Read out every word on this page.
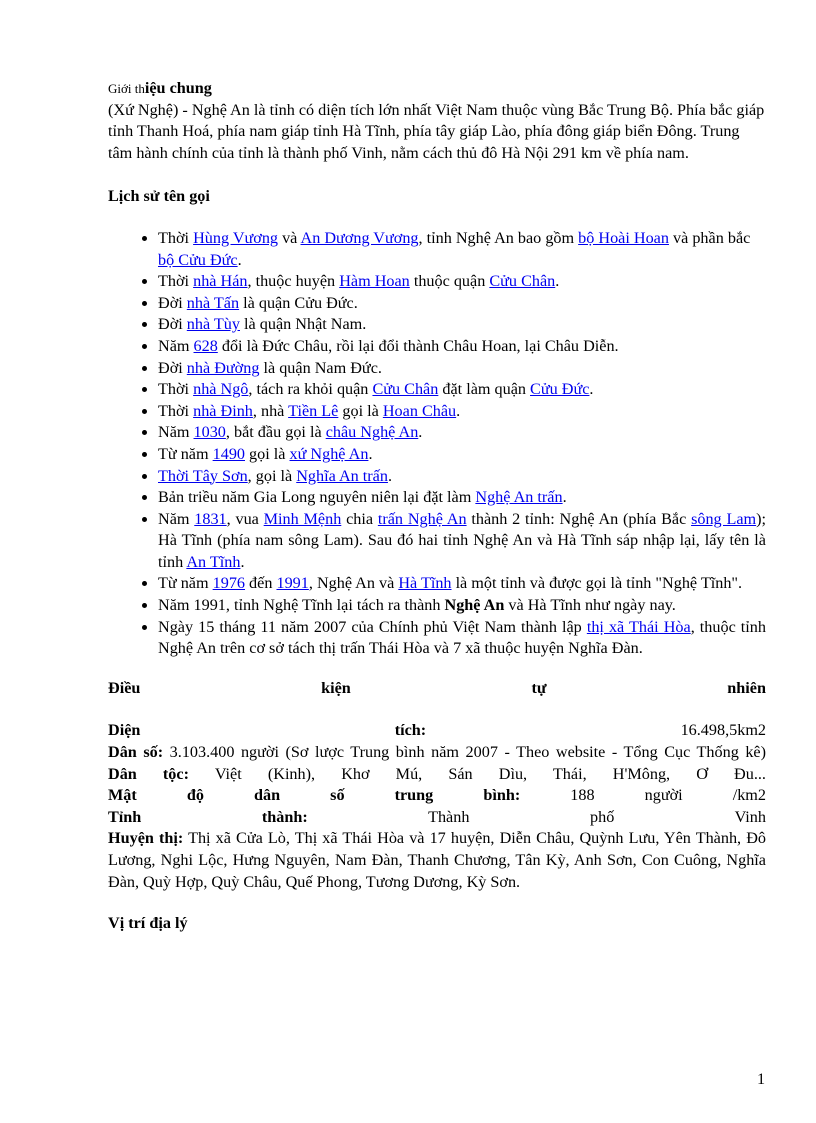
Giới thiệu chung

(Xứ Nghệ) - Nghệ An là tỉnh có diện tích lớn nhất Việt Nam thuộc vùng Bắc Trung Bộ. Phía bắc giáp tỉnh Thanh Hoá, phía nam giáp tỉnh Hà Tĩnh, phía tây giáp Lào, phía đông giáp biển Đông. Trung tâm hành chính của tỉnh là thành phố Vinh, nằm cách thủ đô Hà Nội 291 km về phía nam.

Lịch sử tên gọi
• Thời Hùng Vương và An Dương Vương, tỉnh Nghệ An bao gồm bộ Hoài Hoan và phần bắc bộ Cửu Đức.
• Thời nhà Hán, thuộc huyện Hàm Hoan thuộc quận Cửu Chân.
• Đời nhà Tấn là quận Cửu Đức.
• Đời nhà Tùy là quận Nhật Nam.
• Năm 628 đổi là Đức Châu, rồi lại đổi thành Châu Hoan, lại Châu Diễn.
• Đời nhà Đường là quận Nam Đức.
• Thời nhà Ngô, tách ra khỏi quận Cửu Chân đặt làm quận Cửu Đức.
• Thời nhà Đinh, nhà Tiền Lê gọi là Hoan Châu.
• Năm 1030, bắt đầu gọi là châu Nghệ An.
• Từ năm 1490 gọi là xứ Nghệ An.
• Thời Tây Sơn, gọi là Nghĩa An trấn.
• Bản triều năm Gia Long nguyên niên lại đặt làm Nghệ An trấn.
• Năm 1831, vua Minh Mệnh chia trấn Nghệ An thành 2 tỉnh: Nghệ An (phía Bắc sông Lam); Hà Tĩnh (phía nam sông Lam). Sau đó hai tỉnh Nghệ An và Hà Tĩnh sáp nhập lại, lấy tên là tỉnh An Tĩnh.
• Từ năm 1976 đến 1991, Nghệ An và Hà Tĩnh là một tỉnh và được gọi là tỉnh "Nghệ Tĩnh".
• Năm 1991, tỉnh Nghệ Tĩnh lại tách ra thành Nghệ An và Hà Tĩnh như ngày nay.
• Ngày 15 tháng 11 năm 2007 của Chính phủ Việt Nam thành lập thị xã Thái Hòa, thuộc tỉnh Nghệ An trên cơ sở tách thị trấn Thái Hòa và 7 xã thuộc huyện Nghĩa Đàn.
Điều	kiện	tự	nhiên
Diện	tích:	16.498,5km2

Dân số: 3.103.400 người (Sơ lược Trung bình năm 2007 - Theo website - Tổng Cục Thống kê)

Dân tộc: Việt (Kinh), Khơ Mú, Sán Dìu, Thái, H'Mông, Ơ Đu...

Mật độ dân số trung bình:	188 người /km2

Tỉnh thành:	Thành phố Vinh

Huyện thị: Thị xã Cửa Lò, Thị xã Thái Hòa và 17 huyện, Diễn Châu, Quỳnh Lưu, Yên Thành, Đô Lương, Nghi Lộc, Hưng Nguyên, Nam Đàn, Thanh Chương, Tân Kỳ, Anh Sơn, Con Cuông, Nghĩa Đàn, Quỳ Hợp, Quỳ Châu, Quế Phong, Tương Dương, Kỳ Sơn.

Vị trí địa lý
1
